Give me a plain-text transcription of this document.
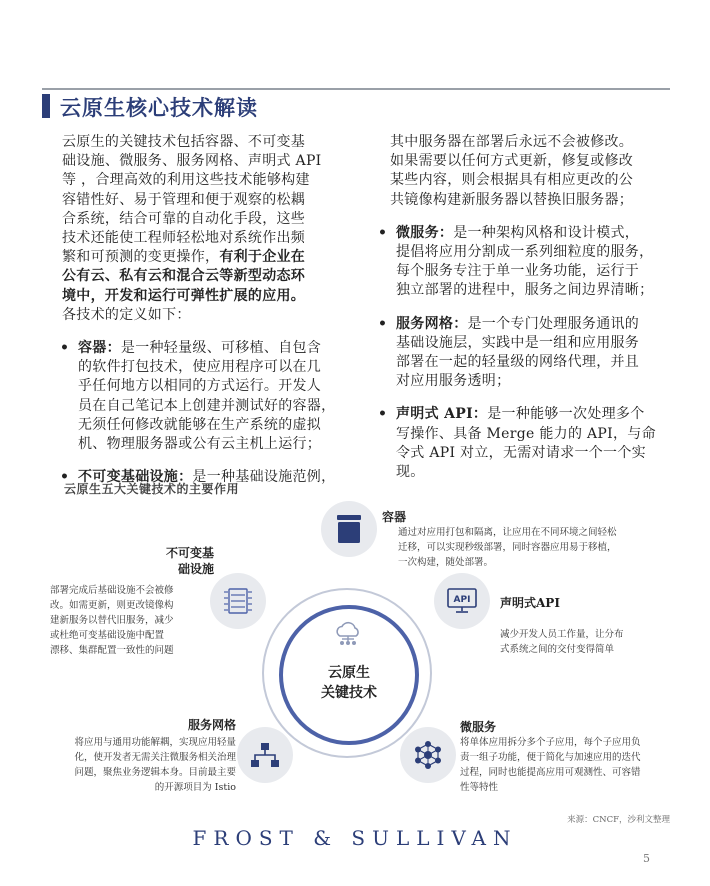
云原生核心技术解读

云原生的关键技术包括容器、不可变基
础设施、微服务、服务网格、声明式 API
等 ，合理高效的利用这些技术能够构建
容错性好、易于管理和便于观察的松耦
合系统，结合可靠的自动化手段，这些
技术还能使工程师轻松地对系统作出频
繁和可预测的变更操作，有利于企业在
公有云、私有云和混合云等新型动态环
境中，开发和运行可弹性扩展的应用。
各技术的定义如下：

• 容器：是一种轻量级、可移植、自包含
的软件打包技术，使应用程序可以在几
乎任何地方以相同的方式运行。开发人
员在自己笔记本上创建并测试好的容器，
无须任何修改就能够在生产系统的虚拟
机、物理服务器或公有云主机上运行；

• 不可变基础设施：是一种基础设施范例，

其中服务器在部署后永远不会被修改。
如果需要以任何方式更新，修复或修改
某些内容，则会根据具有相应更改的公
共镜像构建新服务器以替换旧服务器；

• 微服务：是一种架构风格和设计模式，
提倡将应用分割成一系列细粒度的服务，
每个服务专注于单一业务功能，运行于
独立部署的进程中，服务之间边界清晰；

• 服务网格：是一个专门处理服务通讯的
基础设施层，实践中是一组和应用服务
部署在一起的轻量级的网络代理，并且
对应用服务透明；

• 声明式 API：是一种能够一次处理多个
写操作、具备 Merge 能力的 API，与命
令式 API 对立，无需对请求一个一个实
现。

云原生五大关键技术的主要作用
云原生
关键技术
容器
通过对应用打包和隔离，让应用在不同环境之间轻松
迁移，可以实现秒级部署，同时容器应用易于移植，
一次构建，随处部署。
不可变基
础设施
部署完成后基础设施不会被修
改。如需更新，则更改镜像构
建新服务以替代旧服务，减少
或杜绝可变基础设施中配置
漂移、集群配置一致性的问题
API 声明式API
减少开发人员工作量，让分布
式系统之间的交付变得简单
服务网格
将应用与通用功能解耦，实现应用轻量
化，使开发者无需关注微服务相关治理
问题，聚焦业务逻辑本身。目前最主要
的开源项目为 Istio
微服务
将单体应用拆分多个子应用，每个子应用负
责一组子功能，便于简化与加速应用的迭代
过程，同时也能提高应用可观测性、可容错
性等特性
来源：CNCF，沙利文整理
FROST & SULLIVAN
5
